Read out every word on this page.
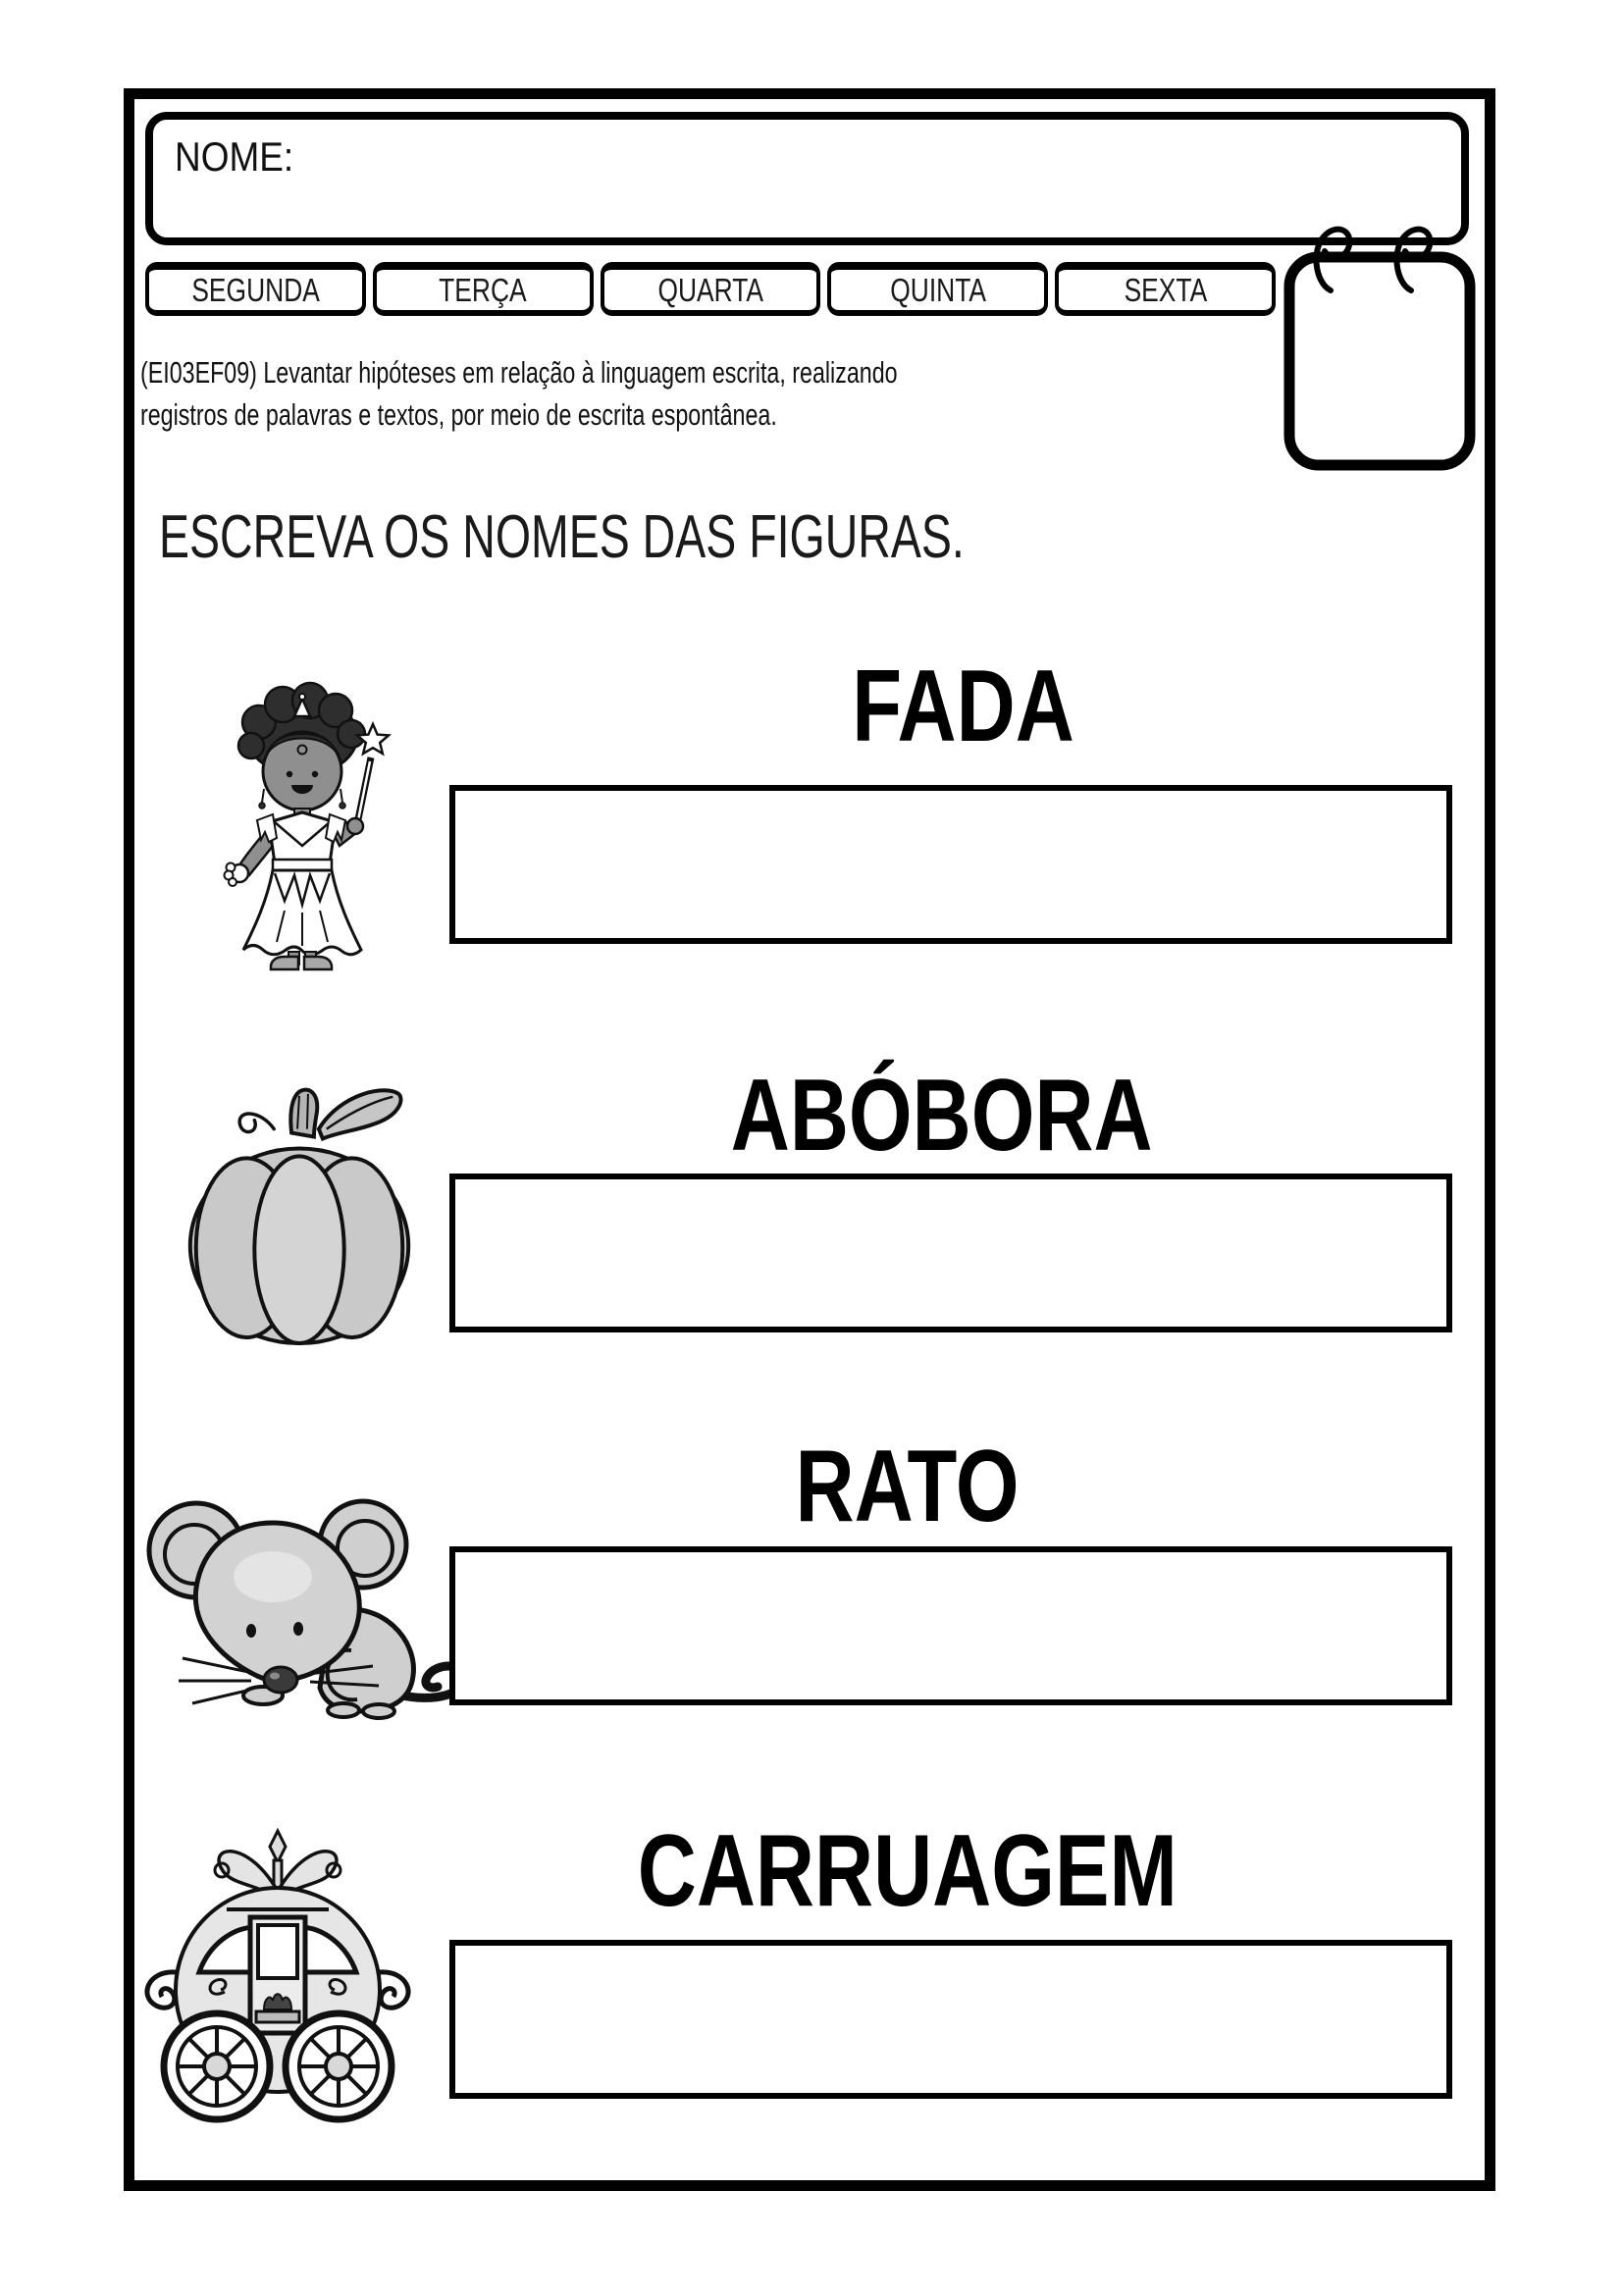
NOME:
SEGUNDA	TERÇA	QUARTA	QUINTA	SEXTA
(EI03EF09) Levantar hipóteses em relação à linguagem escrita, realizando
registros de palavras e textos, por meio de escrita espontânea.
ESCREVA OS NOMES DAS FIGURAS.
FADA
ABÓBORA
RATO
CARRUAGEM
